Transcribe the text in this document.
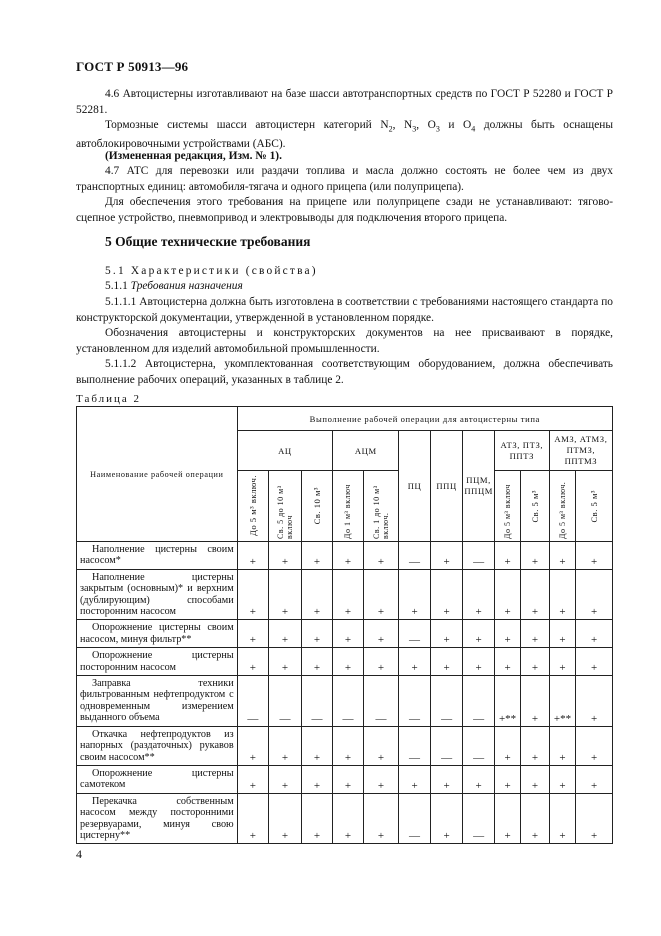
ГОСТ Р 50913—96
4.6 Автоцистерны изготавливают на базе шасси автотранспортных средств по ГОСТ Р 52280 и ГОСТ Р 52281.
Тормозные системы шасси автоцистерн категорий $N_2$, $N_3$, $O_3$ и $O_4$ должны быть оснащены автоблокировочными устройствами (АБС).
(Измененная редакция, Изм. № 1).
4.7 АТС для перевозки или раздачи топлива и масла должно состоять не более чем из двух транспортных единиц: автомобиля-тягача и одного прицепа (или полуприцепа).
Для обеспечения этого требования на прицепе или полуприцепе сзади не устанавливают: тягово-сцепное устройство, пневмопривод и электровыводы для подключения второго прицепа.
5 Общие технические требования
5.1 Характеристики (свойства)
5.1.1 Требования назначения
5.1.1.1 Автоцистерна должна быть изготовлена в соответствии с требованиями настоящего стандарта по конструкторской документации, утвержденной в установленном порядке.
Обозначения автоцистерны и конструкторских документов на нее присваивают в порядке, установленном для изделий автомобильной промышленности.
5.1.1.2 Автоцистерна, укомплектованная соответствующим оборудованием, должна обеспечивать выполнение рабочих операций, указанных в таблице 2.
Таблица 2
Наименование рабочей операции	Выполнение рабочей операции для автоцистерны типа											
	АЦ			АЦМ		ПЦ	ППЦ	ПЦМ, ППЦМ	АТЗ, ПТЗ, ППТЗ		АМЗ, АТМЗ, ПТМЗ, ППТМЗ	

	До 5 м³ включ.	Св. 5 до 10 м³ включ	Св. 10 м³	До 1 м³ включ	Св. 1 до 10 м³ включ.				До 5 м³ включ	Св. 5 м³	До 5 м³ включ.	Св. 5 м³

Наполнение цистерны своим насосом*	+	+	+	+	+	—	+	—	+	+	+	+

Наполнение цистерны закрытым (основным)* и верхним (дублирующим) способами посторонним насосом	+	+	+	+	+	+	+	+	+	+	+	+

Опорожнение цистерны своим насосом, минуя фильтр**	+	+	+	+	+	—	+	+	+	+	+	+

Опорожнение цистерны посторонним насосом	+	+	+	+	+	+	+	+	+	+	+	+

Заправка техники фильтрованным нефтепродуктом с одновременным измерением выданного объема	—	—	—	—	—	—	—	—	+**	+	+**	+

Откачка нефтепродуктов из напорных (раздаточных) рукавов своим насосом**	+	+	+	+	+	—	—	—	+	+	+	+

Опорожнение цистерны самотеком	+	+	+	+	+	+	+	+	+	+	+	+

Перекачка собственным насосом между посторонними резервуарами, минуя свою цистерну**	+	+	+	+	+	—	+	—	+	+	+	+
4
